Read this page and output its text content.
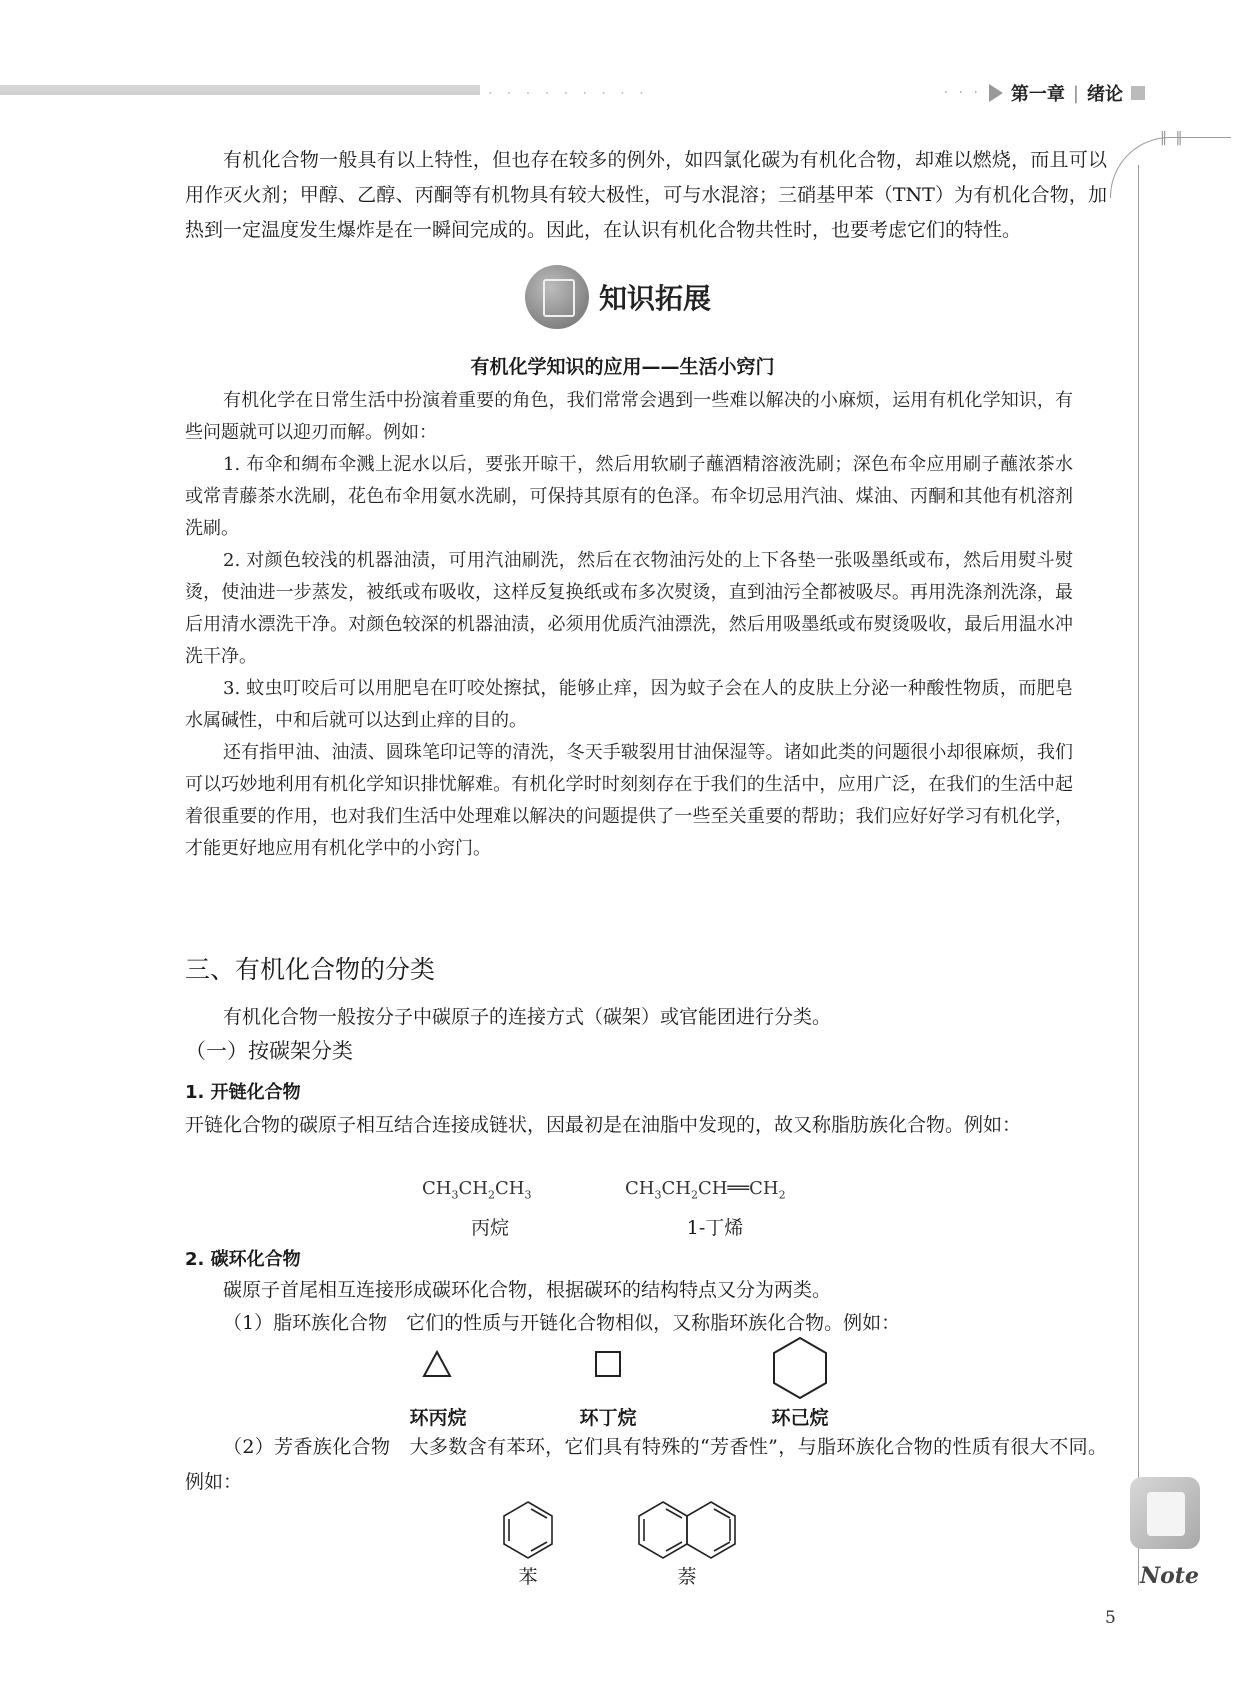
· · · · · · · · ·	· · · 第一章 | 绪论
‖ ‖
Note
有机化合物一般具有以上特性，但也存在较多的例外，如四氯化碳为有机化合物，却难以燃烧，而且可以用作灭火剂；甲醇、乙醇、丙酮等有机物具有较大极性，可与水混溶；三硝基甲苯（TNT）为有机化合物，加热到一定温度发生爆炸是在一瞬间完成的。因此，在认识有机化合物共性时，也要考虑它们的特性。
知识拓展
有机化学知识的应用——生活小窍门
有机化学在日常生活中扮演着重要的角色，我们常常会遇到一些难以解决的小麻烦，运用有机化学知识，有些问题就可以迎刃而解。例如：
1. 布伞和绸布伞溅上泥水以后，要张开晾干，然后用软刷子蘸酒精溶液洗刷；深色布伞应用刷子蘸浓茶水或常青藤茶水洗刷，花色布伞用氨水洗刷，可保持其原有的色泽。布伞切忌用汽油、煤油、丙酮和其他有机溶剂洗刷。
2. 对颜色较浅的机器油渍，可用汽油刷洗，然后在衣物油污处的上下各垫一张吸墨纸或布，然后用熨斗熨烫，使油进一步蒸发，被纸或布吸收，这样反复换纸或布多次熨烫，直到油污全都被吸尽。再用洗涤剂洗涤，最后用清水漂洗干净。对颜色较深的机器油渍，必须用优质汽油漂洗，然后用吸墨纸或布熨烫吸收，最后用温水冲洗干净。
3. 蚊虫叮咬后可以用肥皂在叮咬处擦拭，能够止痒，因为蚊子会在人的皮肤上分泌一种酸性物质，而肥皂水属碱性，中和后就可以达到止痒的目的。
还有指甲油、油渍、圆珠笔印记等的清洗，冬天手皲裂用甘油保湿等。诸如此类的问题很小却很麻烦，我们可以巧妙地利用有机化学知识排忧解难。有机化学时时刻刻存在于我们的生活中，应用广泛，在我们的生活中起着很重要的作用，也对我们生活中处理难以解决的问题提供了一些至关重要的帮助；我们应好好学习有机化学，才能更好地应用有机化学中的小窍门。
三、有机化合物的分类
有机化合物一般按分子中碳原子的连接方式（碳架）或官能团进行分类。
（一）按碳架分类
1. 开链化合物
开链化合物的碳原子相互结合连接成链状，因最初是在油脂中发现的，故又称脂肪族化合物。例如：
$CH_3CH_2CH_3$
丙烷
$CH_3CH_2CH══CH_2$
1-丁烯
2. 碳环化合物
碳原子首尾相互连接形成碳环化合物，根据碳环的结构特点又分为两类。
（1）脂环族化合物　它们的性质与开链化合物相似，又称脂环族化合物。例如：
环丙烷	环丁烷	环己烷
（2）芳香族化合物　大多数含有苯环，它们具有特殊的“芳香性”，与脂环族化合物的性质有很大不同。例如：
苯	萘
5
